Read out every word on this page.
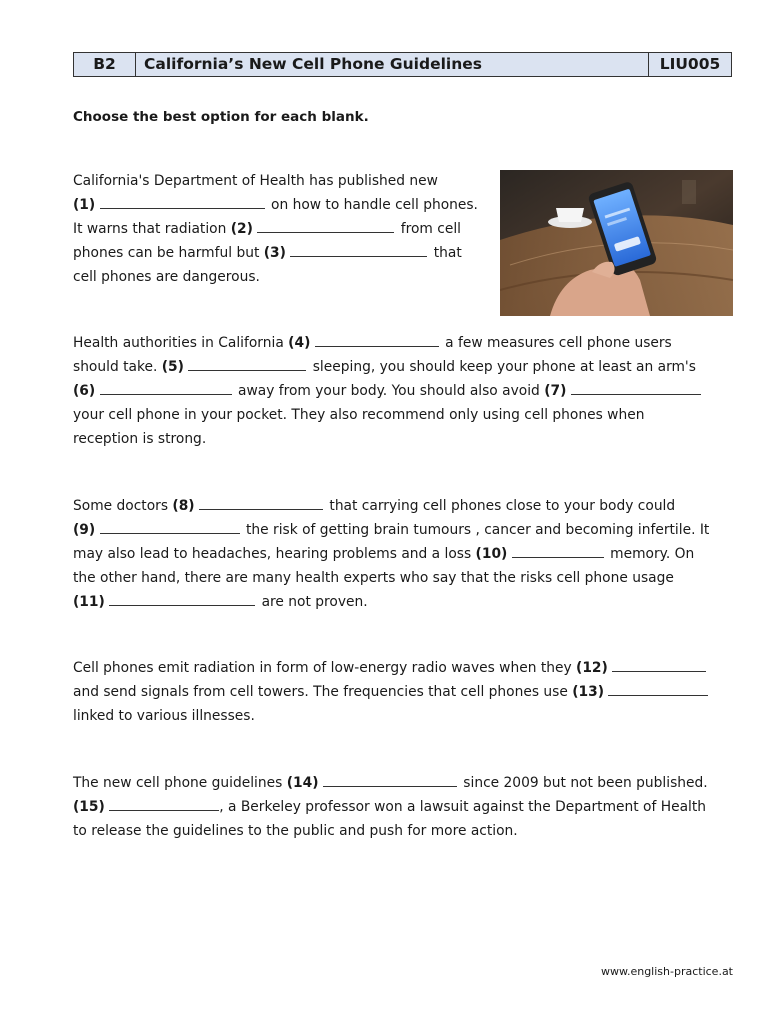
B2	California’s New Cell Phone Guidelines	LIU005
Choose the best option for each blank.
California's Department of Health has published new
(1)	on how to handle cell phones.
It warns that radiation (2)	from cell
phones can be harmful but (3)	that
cell phones are dangerous.
Health authorities in California (4)	a few measures cell phone users
should take. (5)	sleeping, you should keep your phone at least an arm's
(6)	away from your body. You should also avoid (7)
your cell phone in your pocket. They also recommend only using cell phones when
reception is strong.
Some doctors (8)	that carrying cell phones close to your body could
(9)	the risk of getting brain tumours , cancer and becoming infertile. It
may also lead to headaches, hearing problems and a loss (10)	memory. On
the other hand, there are many health experts who say that the risks cell phone usage
(11)	are not proven.
Cell phones emit radiation in form of low-energy radio waves when they (12)
and send signals from cell towers. The frequencies that cell phones use (13)
linked to various illnesses.
The new cell phone guidelines (14)	since 2009 but not been published.
(15)	, a Berkeley professor won a lawsuit against the Department of Health
to release the guidelines to the public and push for more action.
www.english-practice.at
